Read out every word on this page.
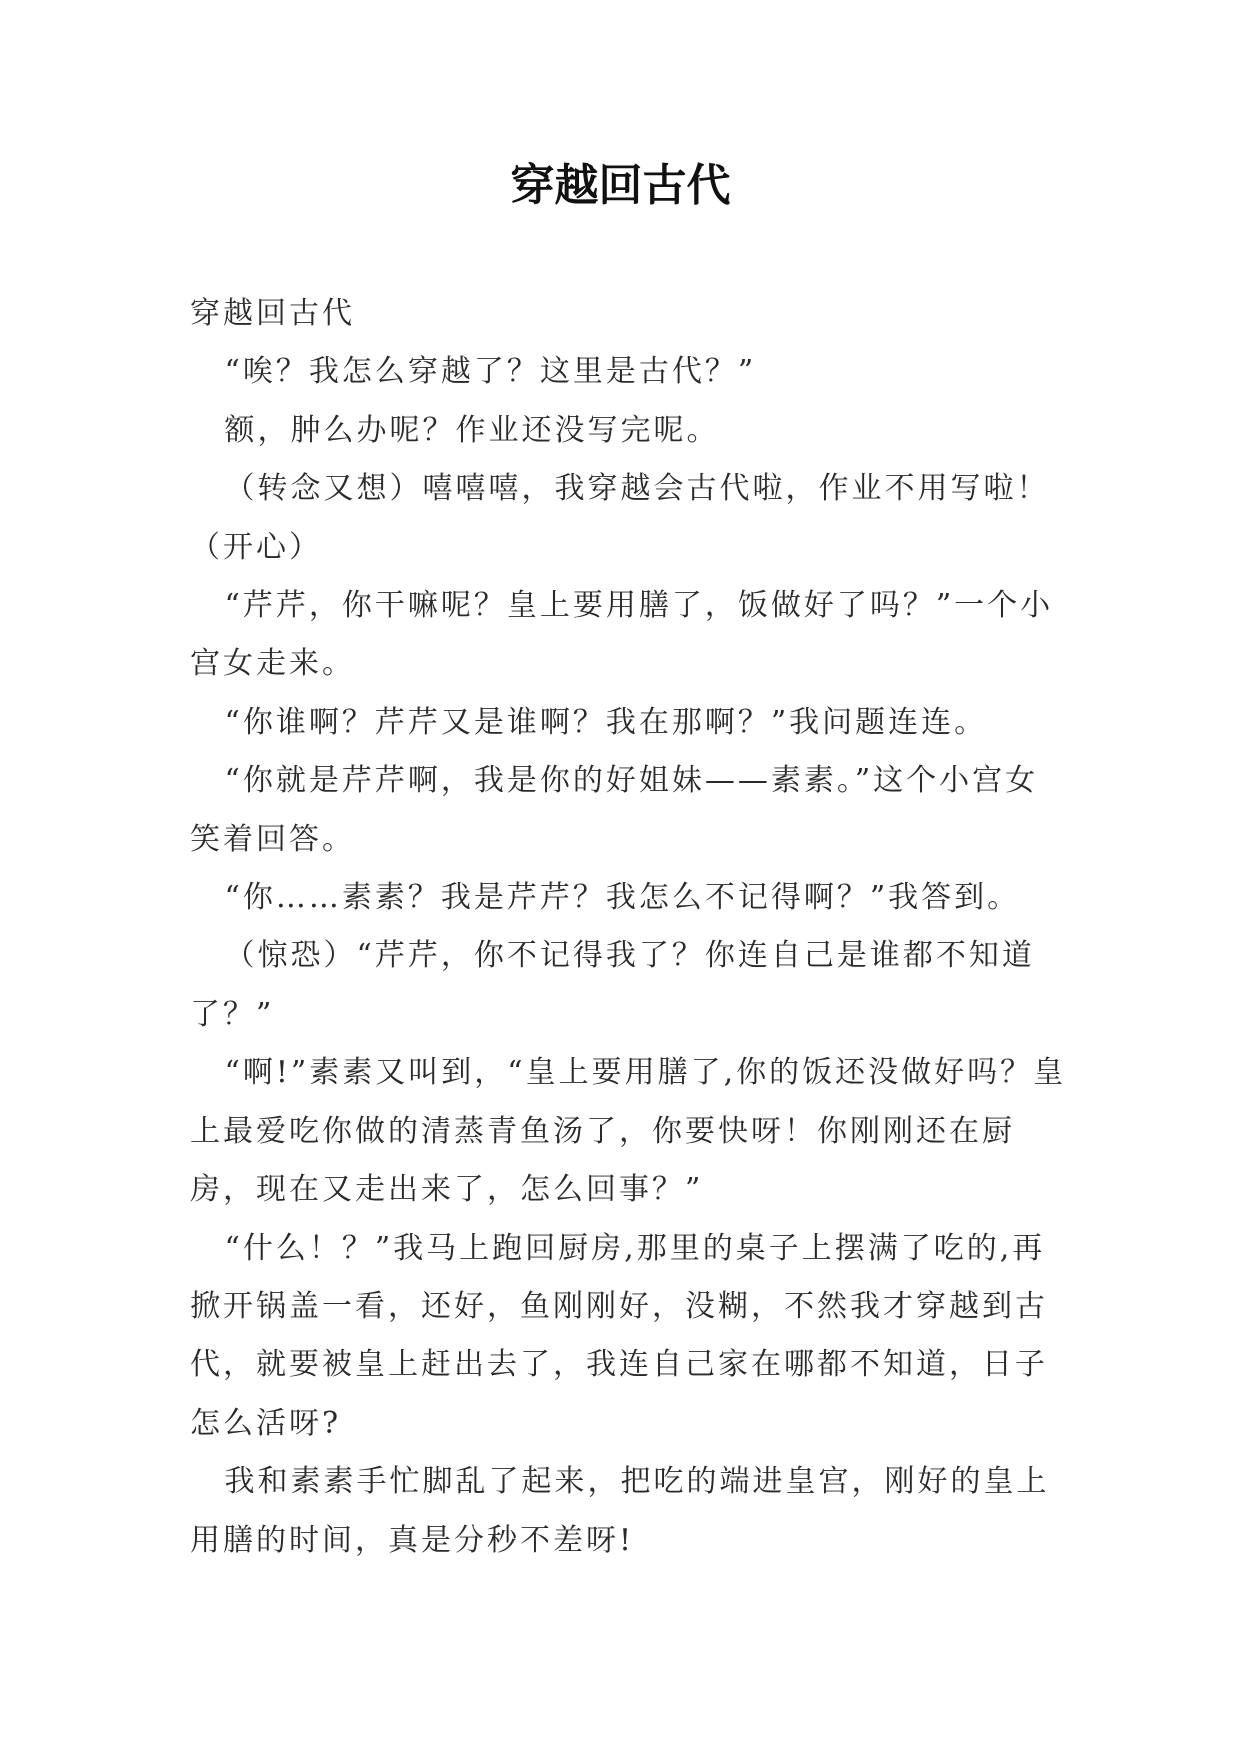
穿越回古代

穿越回古代

“唉？我怎么穿越了？这里是古代？”

额，肿么办呢？作业还没写完呢。

（转念又想）嘻嘻嘻，我穿越会古代啦，作业不用写啦！（开心）

“芹芹，你干嘛呢？皇上要用膳了，饭做好了吗？”一个小宫女走来。

“你谁啊？芹芹又是谁啊？我在那啊？”我问题连连。

“你就是芹芹啊，我是你的好姐妹——素素。”这个小宫女笑着回答。

“你……素素？我是芹芹？我怎么不记得啊？”我答到。

（惊恐）“芹芹，你不记得我了？你连自己是谁都不知道了？”

“啊!”素素又叫到，“皇上要用膳了,你的饭还没做好吗？皇上最爱吃你做的清蒸青鱼汤了，你要快呀！你刚刚还在厨房，现在又走出来了，怎么回事？”

“什么！？”我马上跑回厨房,那里的桌子上摆满了吃的,再掀开锅盖一看，还好，鱼刚刚好，没糊，不然我才穿越到古代，就要被皇上赶出去了，我连自己家在哪都不知道，日子怎么活呀?

我和素素手忙脚乱了起来，把吃的端进皇宫，刚好的皇上用膳的时间，真是分秒不差呀!
